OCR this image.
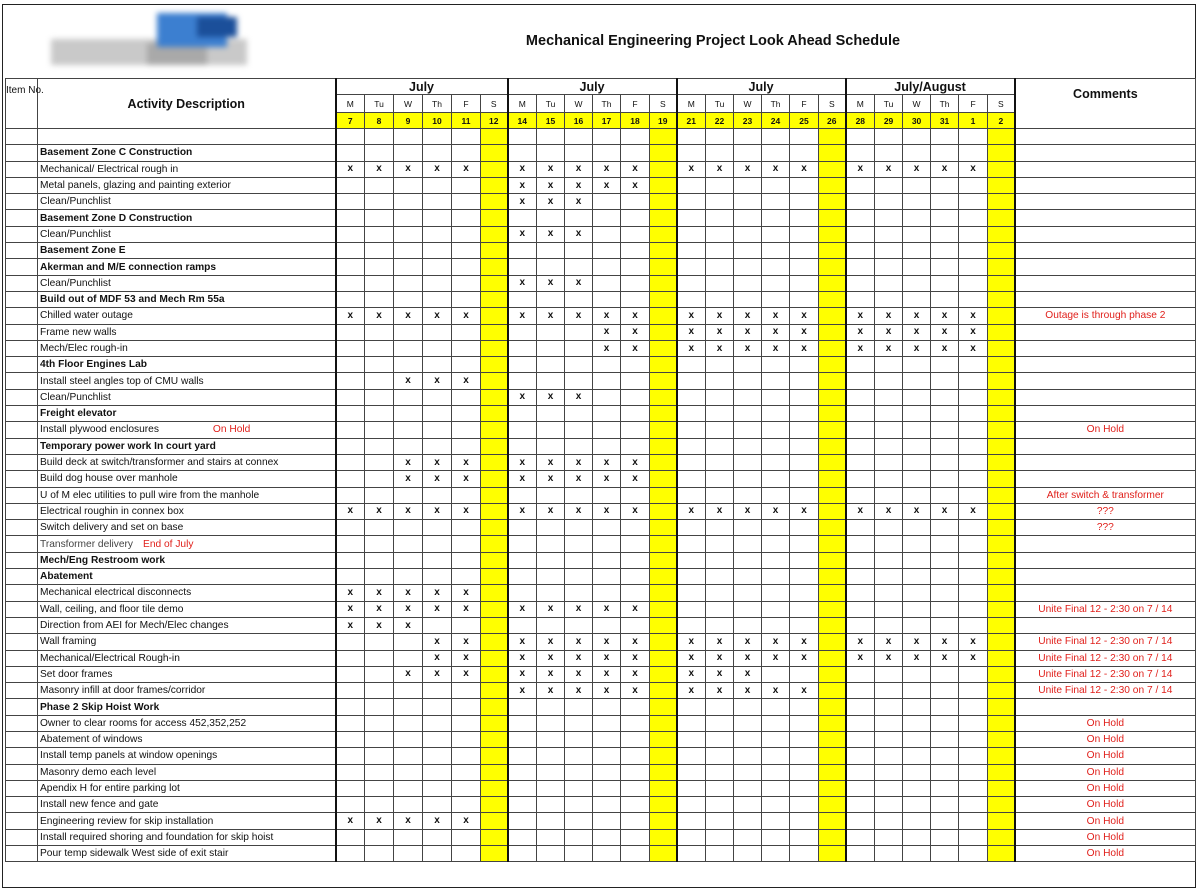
Mechanical Engineering Project Look Ahead Schedule
Item No.	Activity Description	July						July						July						July/August						Comments
		M	Tu	W	Th	F	S	M	Tu	W	Th	F	S	M	Tu	W	Th	F	S	M	Tu	W	Th	F	S	
		7	8	9	10	11	12	14	15	16	17	18	19	21	22	23	24	25	26	28	29	30	31	1	2	

	Basement Zone C Construction																									
	Mechanical/ Electrical rough in	x	x	x	x	x		x	x	x	x	x		x	x	x	x	x		x	x	x	x	x		
	Metal panels, glazing and painting exterior							x	x	x	x	x														
	Clean/Punchlist							x	x	x																
	Basement Zone D Construction																									
	Clean/Punchlist							x	x	x																
	Basement Zone E																									
	Akerman and M/E connection ramps																									
	Clean/Punchlist							x	x	x																
	Build out of MDF 53 and Mech Rm 55a																									
	Chilled water outage	x	x	x	x	x		x	x	x	x	x		x	x	x	x	x		x	x	x	x	x		Outage is through phase 2
	Frame new walls										x	x		x	x	x	x	x		x	x	x	x	x		
	Mech/Elec rough-in										x	x		x	x	x	x	x		x	x	x	x	x		
	4th Floor Engines Lab																									
	Install steel angles top of CMU walls			x	x	x																				
	Clean/Punchlist							x	x	x																
	Freight elevator																									
	Install plywood enclosures On Hold																									On Hold
	Temporary power work In court yard																									
	Build deck at switch/transformer and stairs at connex			x	x	x		x	x	x	x	x														
	Build dog house over manhole			x	x	x		x	x	x	x	x														
	U of M elec utilities to pull wire from the manhole																									After switch & transformer
	Electrical roughin in connex box	x	x	x	x	x		x	x	x	x	x		x	x	x	x	x		x	x	x	x	x		???
	Switch delivery and set on base																									???
	Transformer delivery End of July																									
	Mech/Eng Restroom work																									
	Abatement																									
	Mechanical electrical disconnects	x	x	x	x	x																				
	Wall, ceiling, and floor tile demo	x	x	x	x	x		x	x	x	x	x														Unite Final 12 - 2:30 on 7 / 14
	Direction from AEI for Mech/Elec changes	x	x	x																						
	Wall framing				x	x		x	x	x	x	x		x	x	x	x	x		x	x	x	x	x		Unite Final 12 - 2:30 on 7 / 14
	Mechanical/Electrical Rough-in				x	x		x	x	x	x	x		x	x	x	x	x		x	x	x	x	x		Unite Final 12 - 2:30 on 7 / 14
	Set door frames			x	x	x		x	x	x	x	x		x	x	x										Unite Final 12 - 2:30 on 7 / 14
	Masonry infill at door frames/corridor							x	x	x	x	x		x	x	x	x	x								Unite Final 12 - 2:30 on 7 / 14
	Phase 2 Skip Hoist Work																									
	Owner to clear rooms for access 452,352,252																									On Hold
	Abatement of windows																									On Hold
	Install temp panels at window openings																									On Hold
	Masonry demo each level																									On Hold
	Apendix H for entire parking lot																									On Hold
	Install new fence and gate																									On Hold
	Engineering review for skip installation	x	x	x	x	x																				On Hold
	Install required shoring and foundation for skip hoist																									On Hold
	Pour temp sidewalk West side of exit stair																									On Hold
